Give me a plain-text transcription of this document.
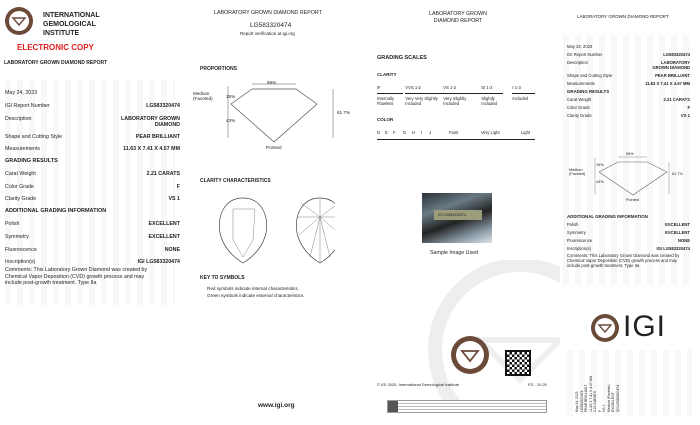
INTERNATIONAL
GEMOLOGICAL
INSTITUTE
ELECTRONIC COPY
LABORATORY GROWN DIAMOND REPORT
May 24, 2023
IGI Report Number	LG583320474
Description	LABORATORY GROWN DIAMOND
Shape and Cutting Style	PEAR BRILLIANT
Measurements	11.63 X 7.41 X 4.57 MM
GRADING RESULTS
Carat Weight	2.21 CARATS
Color Grade	F
Clarity Grade	VS 1
ADDITIONAL GRADING INFORMATION
Polish	EXCELLENT
Symmetry	EXCELLENT
Fluorescence	NONE
Inscription(s)	IGI LG583320474
Comments: This Laboratory Grown Diamond was created by Chemical Vapor Deposition (CVD) growth process and may include post-growth treatment. Type IIa
LABORATORY GROWN DIAMOND REPORT
LG583320474
Report verification at igi.org
PROPORTIONS
59%
15%
43%
61.7%
Medium (Faceted)
Pointed
CLARITY CHARACTERISTICS
KEY TO SYMBOLS
Red symbols indicate internal characteristics.
Green symbols indicate external characteristics.
www.igi.org
LABORATORY GROWN DIAMOND REPORT
GRADING SCALES
CLARITY
IF
Internally Flawless
VVS 1-2
Very Very Slightly Included
VS 1-2
Very Slightly Included
SI 1-2
Slightly Included
I 1-3
Included
COLOR
D	E	F	G	H	I	J	Faint	Very Light	Light
IGI LG583320474
Sample Image Used
© IGI 2020, International Gemological Institute	FD - 10.20
LABORATORY GROWN DIAMOND REPORT
May 24, 2023
IGI Report Number	LG583320474
Description	LABORATORY GROWN DIAMOND
Shape and Cutting Style	PEAR BRILLIANT
Measurements	11.63 X 7.41 X 4.57 MM
GRADING RESULTS
Carat Weight	2.21 CARATS
Color Grade	F
Clarity Grade	VS 1
59%
15%
43%
61.7%
Medium (Faceted)
Pointed
ADDITIONAL GRADING INFORMATION
Polish	EXCELLENT
Symmetry	EXCELLENT
Fluorescence	NONE
Inscription(s)	IGI LG583320474
Comments: This Laboratory Grown Diamond was created by Chemical Vapor Deposition (CVD) growth process and may include post-growth treatment. Type IIa
IGI
May 24, 2023 LG583320474 PEAR BRILLIANT 11.63 X 7.41 X 4.57 MM 2.21 CARATS F VS 1 Medium (Faceted) EXCELLENT IGI LG583320474
